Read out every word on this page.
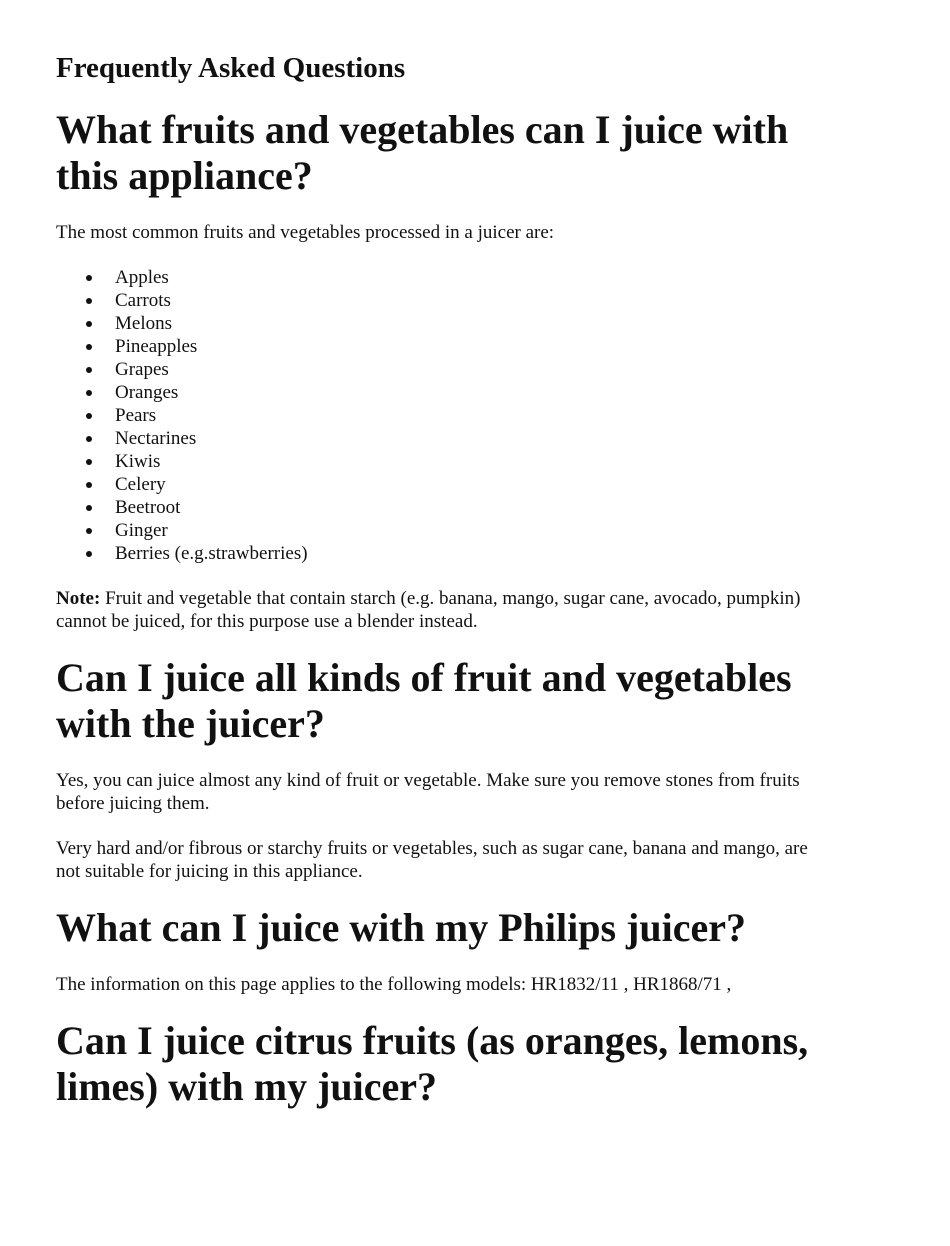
Frequently Asked Questions
What fruits and vegetables can I juice with this appliance?

The most common fruits and vegetables processed in a juicer are:

Apples
Carrots
Melons
Pineapples
Grapes
Oranges
Pears
Nectarines
Kiwis
Celery
Beetroot
Ginger
Berries (e.g.strawberries)

Note: Fruit and vegetable that contain starch (e.g. banana, mango, sugar cane, avocado, pumpkin) cannot be juiced, for this purpose use a blender instead.

Can I juice all kinds of fruit and vegetables with the juicer?

Yes, you can juice almost any kind of fruit or vegetable. Make sure you remove stones from fruits before juicing them.

Very hard and/or fibrous or starchy fruits or vegetables, such as sugar cane, banana and mango, are not suitable for juicing in this appliance.

What can I juice with my Philips juicer?

The information on this page applies to the following models: HR1832/11 , HR1868/71 ,

Can I juice citrus fruits (as oranges, lemons, limes) with my juicer?
